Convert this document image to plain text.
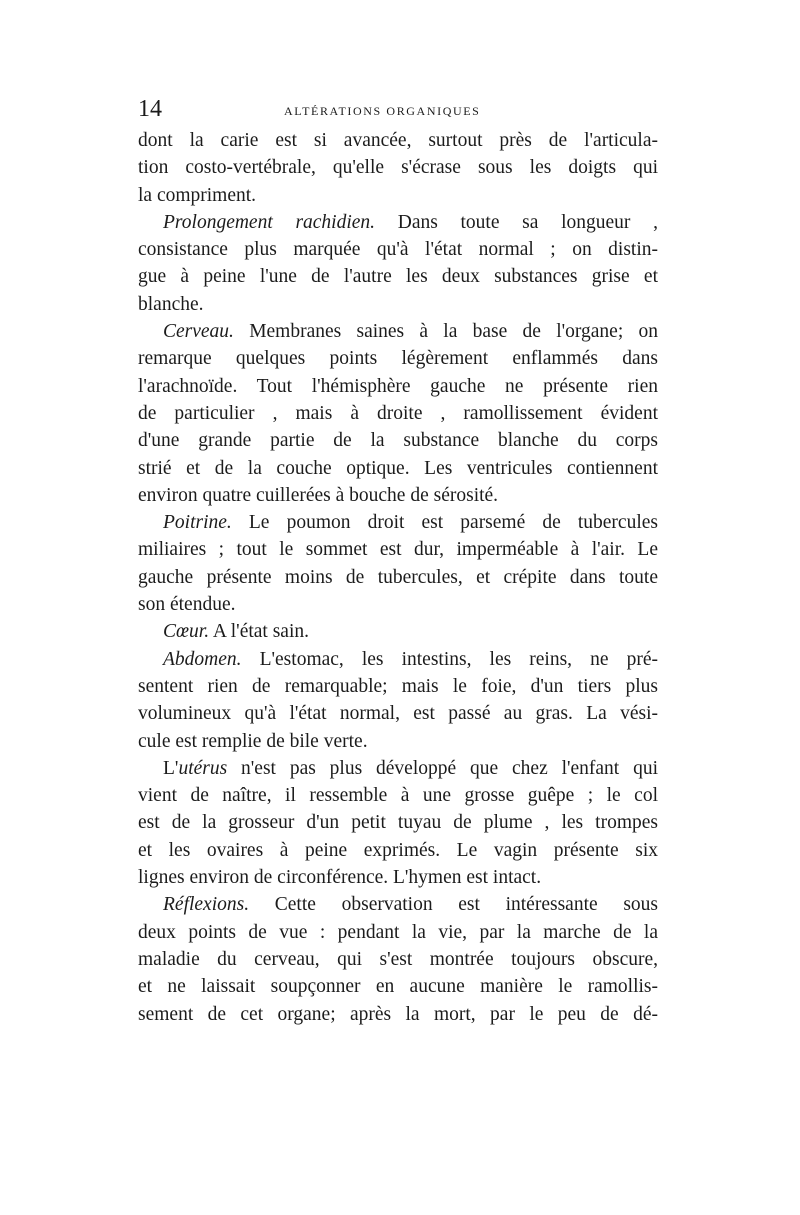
14	ALTÉRATIONS ORGANIQUES
dont la carie est si avancée, surtout près de l'articula-
tion costo-vertébrale, qu'elle s'écrase sous les doigts qui
la compriment.
Prolongement rachidien. Dans toute sa longueur ,
consistance plus marquée qu'à l'état normal ; on distin-
gue à peine l'une de l'autre les deux substances grise et
blanche.
Cerveau. Membranes saines à la base de l'organe; on
remarque quelques points légèrement enflammés dans
l'arachnoïde. Tout l'hémisphère gauche ne présente rien
de particulier , mais à droite , ramollissement évident
d'une grande partie de la substance blanche du corps
strié et de la couche optique. Les ventricules contiennent
environ quatre cuillerées à bouche de sérosité.
Poitrine. Le poumon droit est parsemé de tubercules
miliaires ; tout le sommet est dur, imperméable à l'air. Le
gauche présente moins de tubercules, et crépite dans toute
son étendue.
Cœur. A l'état sain.
Abdomen. L'estomac, les intestins, les reins, ne pré-
sentent rien de remarquable; mais le foie, d'un tiers plus
volumineux qu'à l'état normal, est passé au gras. La vési-
cule est remplie de bile verte.
L'utérus n'est pas plus développé que chez l'enfant qui
vient de naître, il ressemble à une grosse guêpe ; le col
est de la grosseur d'un petit tuyau de plume , les trompes
et les ovaires à peine exprimés. Le vagin présente six
lignes environ de circonférence. L'hymen est intact.
Réflexions. Cette observation est intéressante sous
deux points de vue : pendant la vie, par la marche de la
maladie du cerveau, qui s'est montrée toujours obscure,
et ne laissait soupçonner en aucune manière le ramollis-
sement de cet organe; après la mort, par le peu de dé-
